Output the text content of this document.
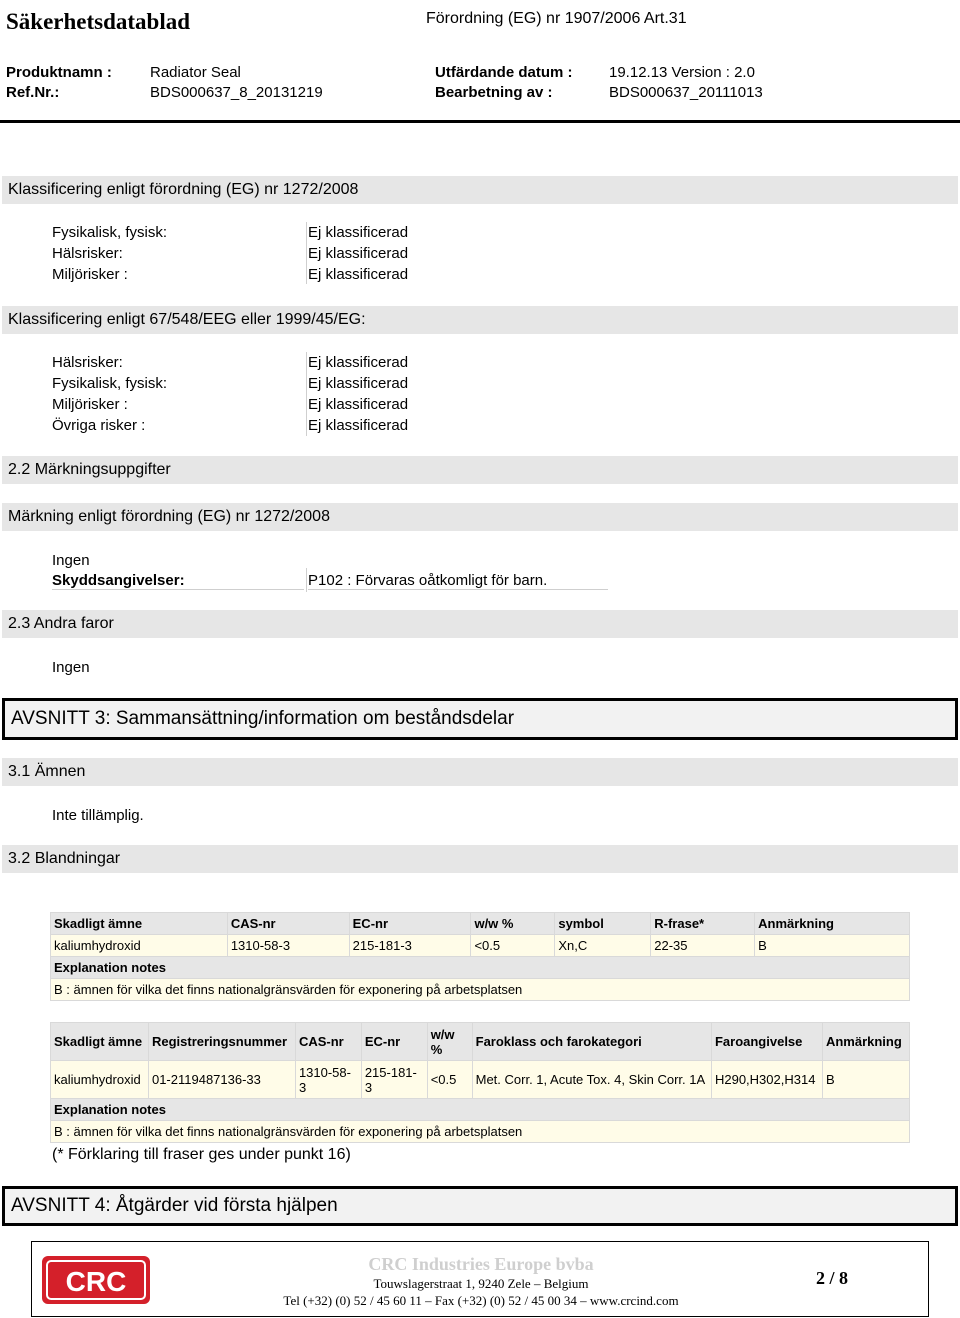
Säkerhetsdatablad	Förordning (EG) nr 1907/2006 Art.31
Produktnamn :	Radiator Seal	Utfärdande datum : 19.12.13 Version : 2.0
Ref.Nr.:	BDS000637_8_20131219	Bearbetning av :	BDS000637_20111013
Klassificering enligt förordning (EG) nr 1272/2008
Fysikalisk, fysisk:	Ej klassificerad
Hälsrisker:	Ej klassificerad
Miljörisker :	Ej klassificerad
Klassificering enligt 67/548/EEG eller 1999/45/EG:
Hälsrisker:	Ej klassificerad
Fysikalisk, fysisk:	Ej klassificerad
Miljörisker :	Ej klassificerad
Övriga risker :	Ej klassificerad
2.2 Märkningsuppgifter
Märkning enligt förordning (EG) nr 1272/2008
Ingen
Skyddsangivelser:	P102 : Förvaras oåtkomligt för barn.
2.3 Andra faror
Ingen
AVSNITT 3: Sammansättning/information om beståndsdelar
3.1 Ämnen
Inte tillämplig.
3.2 Blandningar
Skadligt ämne	CAS-nr	EC-nr	w/w %	symbol	R-frase*	Anmärkning
kaliumhydroxid	1310-58-3	215-181-3	<0.5	Xn,C	22-35	B
Explanation notes						
B : ämnen för vilka det finns nationalgränsvärden för exponering på arbetsplatsen						
Skadligt ämne	Registreringsnummer	CAS-nr	EC-nr	w/w %	Faroklass och farokategori	Faroangivelse	Anmärkning
kaliumhydroxid	01-2119487136-33	1310-58-3	215-181-3	<0.5	Met. Corr. 1, Acute Tox. 4, Skin Corr. 1A	H290,H302,H314	B
Explanation notes							
B : ämnen för vilka det finns nationalgränsvärden för exponering på arbetsplatsen							
(* Förklaring till fraser ges under punkt 16)
AVSNITT 4: Åtgärder vid första hjälpen
CRC
CRC Industries Europe bvba
Touwslagerstraat 1, 9240 Zele – Belgium
Tel (+32) (0) 52 / 45 60 11 – Fax (+32) (0) 52 / 45 00 34 – www.crcind.com
2 / 8
